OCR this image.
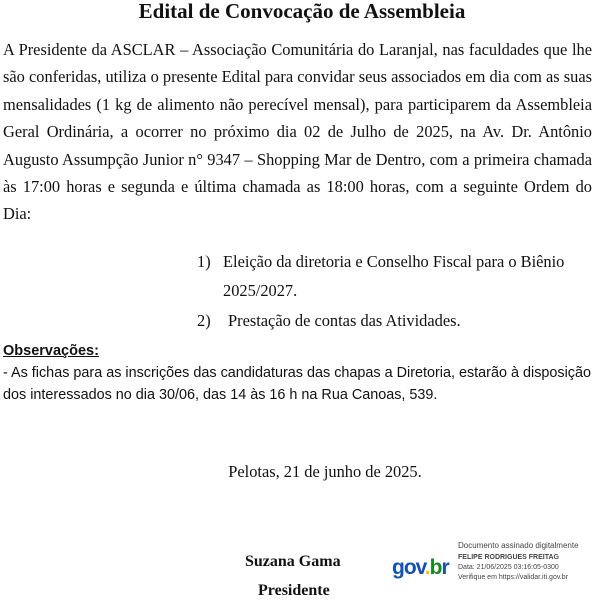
Edital de Convocação de Assembleia

A Presidente da ASCLAR – Associação Comunitária do Laranjal, nas faculdades que lhe são conferidas, utiliza o presente Edital para convidar seus associados em dia com as suas mensalidades (1 kg de alimento não perecível mensal), para participarem da Assembleia Geral Ordinária, a ocorrer no próximo dia 02 de Julho de 2025, na Av. Dr. Antônio Augusto Assumpção Junior n° 9347 – Shopping Mar de Dentro, com a primeira chamada às 17:00 horas e segunda e última chamada as 18:00 horas, com a seguinte Ordem do Dia:

1) Eleição da diretoria e Conselho Fiscal para o Biênio
2025/2027.
2) Prestação de contas das Atividades.
Observações:

- As fichas para as inscrições das candidaturas das chapas a Diretoria, estarão à disposição dos interessados no dia 30/06, das 14 às 16 h na Rua Canoas, 539.

Pelotas, 21 de junho de 2025.
Suzana Gama
Presidente
gov.br
Documento assinado digitalmente
FELIPE RODRIGUES FREITAG
Data: 21/06/2025 03:16:05-0300
Verifique em https://validar.iti.gov.br
